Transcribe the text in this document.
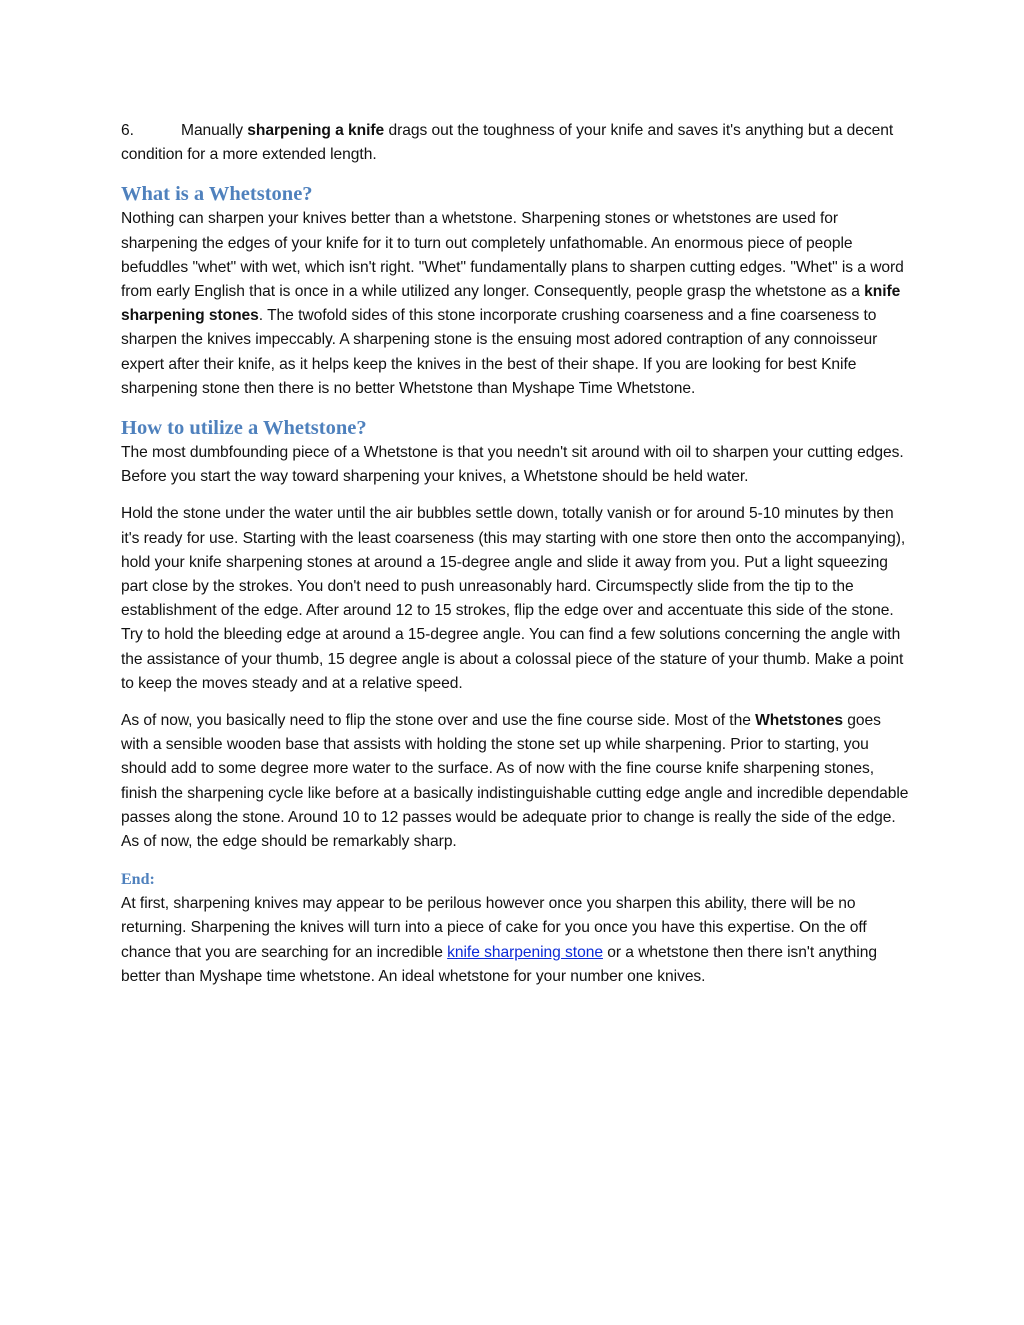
6.	Manually sharpening a knife drags out the toughness of your knife and saves it's anything but a decent condition for a more extended length.

What is a Whetstone?

Nothing can sharpen your knives better than a whetstone. Sharpening stones or whetstones are used for sharpening the edges of your knife for it to turn out completely unfathomable. An enormous piece of people befuddles "whet" with wet, which isn't right. "Whet" fundamentally plans to sharpen cutting edges. "Whet" is a word from early English that is once in a while utilized any longer. Consequently, people grasp the whetstone as a knife sharpening stones. The twofold sides of this stone incorporate crushing coarseness and a fine coarseness to sharpen the knives impeccably. A sharpening stone is the ensuing most adored contraption of any connoisseur expert after their knife, as it helps keep the knives in the best of their shape. If you are looking for best Knife sharpening stone then there is no better Whetstone than Myshape Time Whetstone.

How to utilize a Whetstone?

The most dumbfounding piece of a Whetstone is that you needn't sit around with oil to sharpen your cutting edges. Before you start the way toward sharpening your knives, a Whetstone should be held water.

Hold the stone under the water until the air bubbles settle down, totally vanish or for around 5-10 minutes by then it's ready for use. Starting with the least coarseness (this may starting with one store then onto the accompanying), hold your knife sharpening stones at around a 15-degree angle and slide it away from you. Put a light squeezing part close by the strokes. You don't need to push unreasonably hard. Circumspectly slide from the tip to the establishment of the edge. After around 12 to 15 strokes, flip the edge over and accentuate this side of the stone. Try to hold the bleeding edge at around a 15-degree angle. You can find a few solutions concerning the angle with the assistance of your thumb, 15 degree angle is about a colossal piece of the stature of your thumb. Make a point to keep the moves steady and at a relative speed.

As of now, you basically need to flip the stone over and use the fine course side. Most of the Whetstones goes with a sensible wooden base that assists with holding the stone set up while sharpening. Prior to starting, you should add to some degree more water to the surface. As of now with the fine course knife sharpening stones, finish the sharpening cycle like before at a basically indistinguishable cutting edge angle and incredible dependable passes along the stone. Around 10 to 12 passes would be adequate prior to change is really the side of the edge. As of now, the edge should be remarkably sharp.

End:

At first, sharpening knives may appear to be perilous however once you sharpen this ability, there will be no returning. Sharpening the knives will turn into a piece of cake for you once you have this expertise. On the off chance that you are searching for an incredible knife sharpening stone or a whetstone then there isn't anything better than Myshape time whetstone. An ideal whetstone for your number one knives.
